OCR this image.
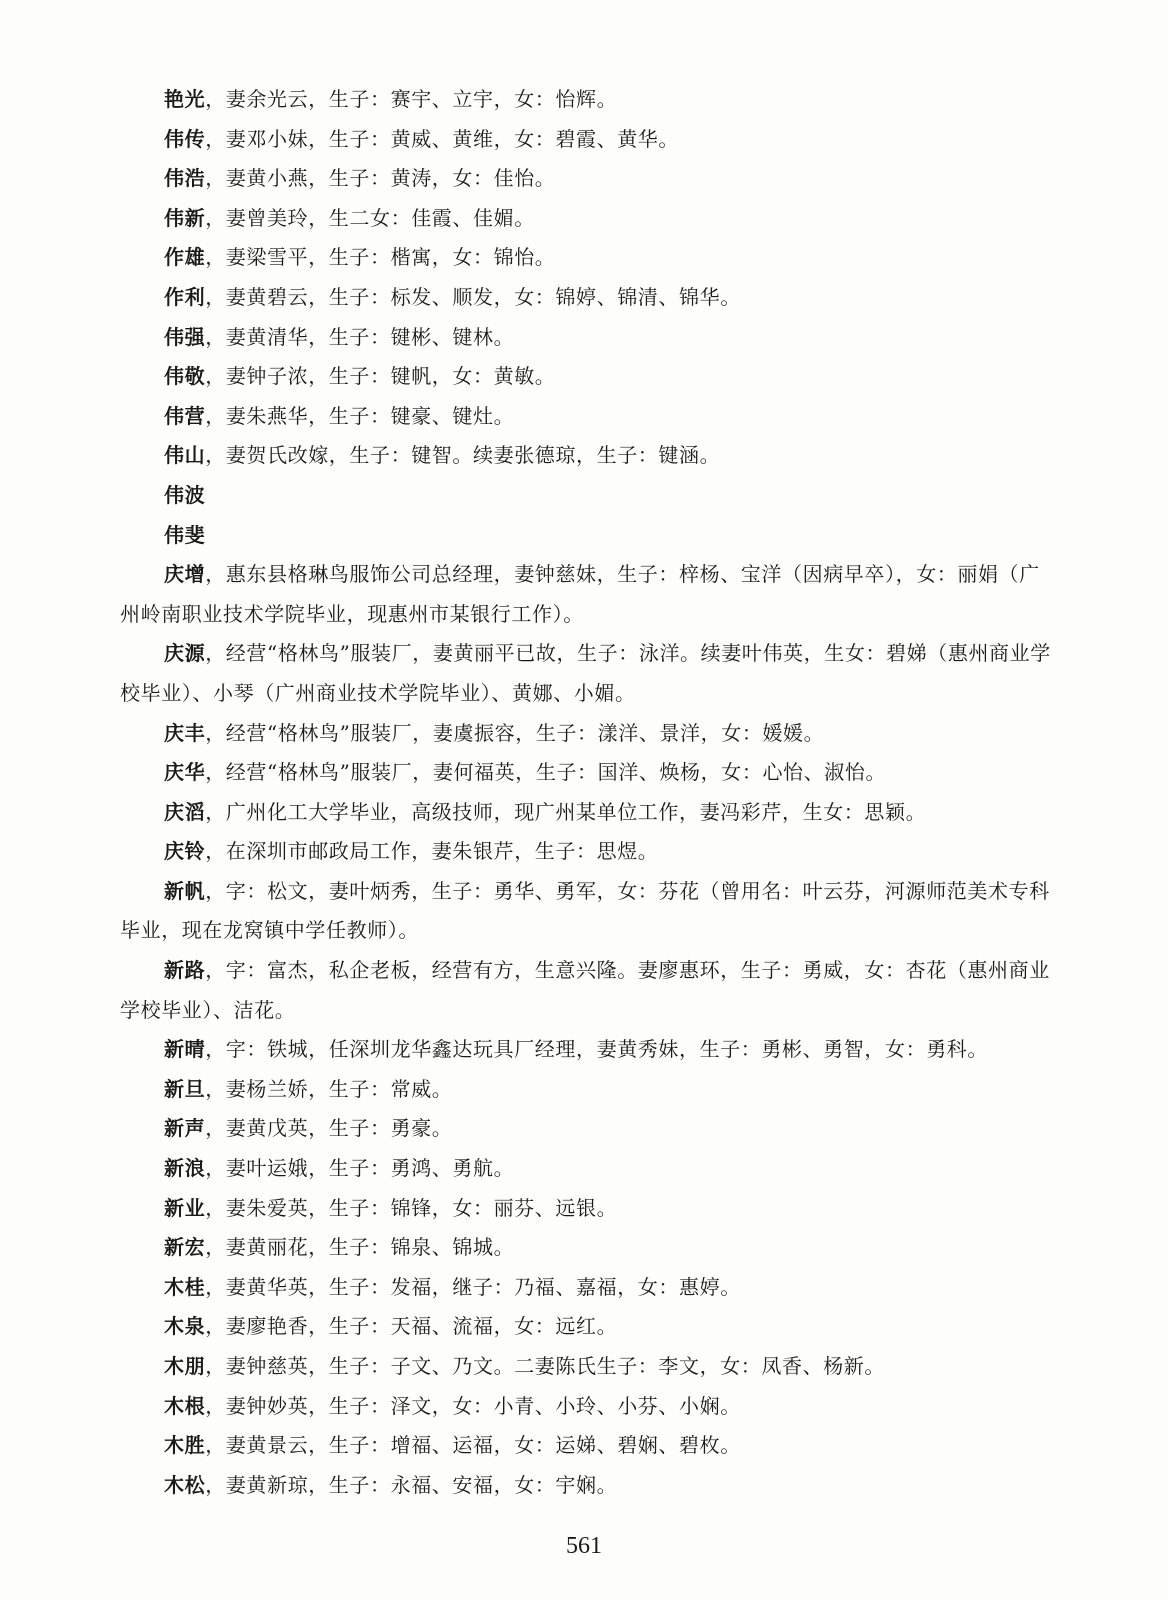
艳光，妻余光云，生子：赛宇、立宇，女：怡辉。

伟传，妻邓小妹，生子：黄威、黄维，女：碧霞、黄华。

伟浩，妻黄小燕，生子：黄涛，女：佳怡。

伟新，妻曾美玲，生二女：佳霞、佳媚。

作雄，妻梁雪平，生子：楷寓，女：锦怡。

作利，妻黄碧云，生子：标发、顺发，女：锦婷、锦清、锦华。

伟强，妻黄清华，生子：键彬、键林。

伟敬，妻钟子浓，生子：键帆，女：黄敏。

伟营，妻朱燕华，生子：键豪、键灶。

伟山，妻贺氏改嫁，生子：键智。续妻张德琼，生子：键涵。

伟波

伟斐

庆增，惠东县格琳鸟服饰公司总经理，妻钟慈妹，生子：梓杨、宝洋（因病早卒），女：丽娟（广州岭南职业技术学院毕业，现惠州市某银行工作）。

庆源，经营“格林鸟”服装厂，妻黄丽平已故，生子：泳洋。续妻叶伟英，生女：碧娣（惠州商业学校毕业）、小琴（广州商业技术学院毕业）、黄娜、小媚。

庆丰，经营“格林鸟”服装厂，妻虞振容，生子：漾洋、景洋，女：媛媛。

庆华，经营“格林鸟”服装厂，妻何福英，生子：国洋、焕杨，女：心怡、淑怡。

庆滔，广州化工大学毕业，高级技师，现广州某单位工作，妻冯彩芹，生女：思颖。

庆铃，在深圳市邮政局工作，妻朱银芹，生子：思煜。

新帆，字：松文，妻叶炳秀，生子：勇华、勇军，女：芬花（曾用名：叶云芬，河源师范美术专科毕业，现在龙窝镇中学任教师）。

新路，字：富杰，私企老板，经营有方，生意兴隆。妻廖惠环，生子：勇威，女：杏花（惠州商业学校毕业）、洁花。

新晴，字：铁城，任深圳龙华鑫达玩具厂经理，妻黄秀妹，生子：勇彬、勇智，女：勇科。

新旦，妻杨兰娇，生子：常威。

新声，妻黄戊英，生子：勇豪。

新浪，妻叶运娥，生子：勇鸿、勇航。

新业，妻朱爱英，生子：锦锋，女：丽芬、远银。

新宏，妻黄丽花，生子：锦泉、锦城。

木桂，妻黄华英，生子：发福，继子：乃福、嘉福，女：惠婷。

木泉，妻廖艳香，生子：天福、流福，女：远红。

木朋，妻钟慈英，生子：子文、乃文。二妻陈氏生子：李文，女：凤香、杨新。

木根，妻钟妙英，生子：泽文，女：小青、小玲、小芬、小娴。

木胜，妻黄景云，生子：增福、运福，女：运娣、碧娴、碧枚。

木松，妻黄新琼，生子：永福、安福，女：宇娴。

561
